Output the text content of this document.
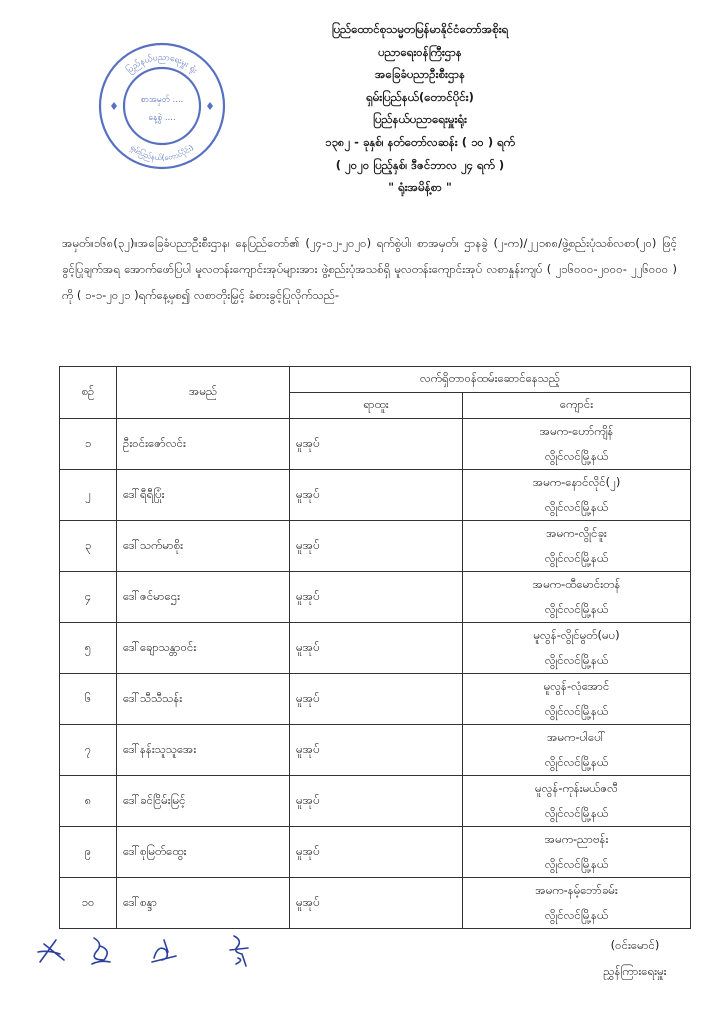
ပြည်နယ်ပညာရေးမှူး ရုံး
ရှမ်းပြည်နယ်(တောင်ပိုင်း)
စာအမှတ် ....
နေ့စွဲ ....
ပြည်ထောင်စုသမ္မတမြန်မာနိုင်ငံတော်အစိုးရ
ပညာရေးဝန်ကြီးဌာန
အခြေခံပညာဦးစီးဌာန
ရှမ်းပြည်နယ်(တောင်ပိုင်း)
ပြည်နယ်ပညာရေးမှူးရုံး
၁၃၈၂ - ခုနှစ်၊ နတ်တော်လဆန်း ( ၁၀ ) ရက်
( ၂၀၂၀ ပြည့်နှစ်၊ ဒီဇင်ဘာလ ၂၄ ရက် )
" ရုံးအမိန့်စာ "
အမှတ်။၁၆၈(၃၂)။အခြေခံပညာဦးစီးဌာန၊ နေပြည်တော်၏ (၂၄-၁၂-၂၀၂၀) ရက်စွဲပါ၊ စာအမှတ်၊ ဌာနခွဲ (၂-က)/၂၂၁၈၈/ဖွဲ့စည်းပုံသစ်လစာ(၂၀) ဖြင့် ခွင့်ပြုချက်အရ အောက်ဖော်ပြပါ မူလတန်းကျောင်းအုပ်များအား ဖွဲ့စည်းပုံအသစ်ရှိ မူလတန်းကျောင်းအုပ် လစာနှုန်းကျပ် ( ၂၁၆၀၀၀-၂၀၀၀- ၂၂၆၀၀၀ ) ကို ( ၁-၁-၂၀၂၁ )ရက်နေ့မှစ၍ လစာတိုးမြှင့် ခံစားခွင့်ပြုလိုက်သည်-
စဉ်	အမည်	လက်ရှိတာဝန်ထမ်းဆောင်နေသည့်	
		ရာထူး	ကျောင်း
၁	ဦးဝင်းဇော်လင်း	မူအုပ်	အမက-ဟော်ကျိန်
လွိုင်လင်မြို့နယ်

၂	ဒေါ်ရီရီပြုံး	မူအုပ်	အမက-နောင်လိုင်(၂)
လွိုင်လင်မြို့နယ်

၃	ဒေါ်သက်မာစိုး	မူအုပ်	အမက-လွိုင်ခူး
လွိုင်လင်မြို့နယ်

၄	ဒေါ်ဇင်မာဌေး	မူအုပ်	အမက-ထီမောင်းတန်
လွိုင်လင်မြို့နယ်

၅	ဒေါ်ချောသန္တာဝင်း	မူအုပ်	မူလွန်-လွိုင်မွတ်(မပ)
လွိုင်လင်မြို့နယ်

၆	ဒေါ်သီသီသန်း	မူအုပ်	မူလွန်-လုံအောင်
လွိုင်လင်မြို့နယ်

၇	ဒေါ်နန်းသူသူအေး	မူအုပ်	အမက-ပါပေါ်
လွိုင်လင်မြို့နယ်

၈	ဒေါ်ခင်ငြိမ်းမြင့်	မူအုပ်	မူလွန်-ကုန်းမယ်ဇလီ
လွိုင်လင်မြို့နယ်

၉	ဒေါ်စုမြတ်ထွေး	မူအုပ်	အမက-ညာဗန်း
လွိုင်လင်မြို့နယ်

၁၀	ဒေါ်စန္ဒာ	မူအုပ်	အမက-နမ့်ဘော်ခမ်း
လွိုင်လင်မြို့နယ်
(ဝင်းမောင်)
ညွှန်ကြားရေးမှူး
